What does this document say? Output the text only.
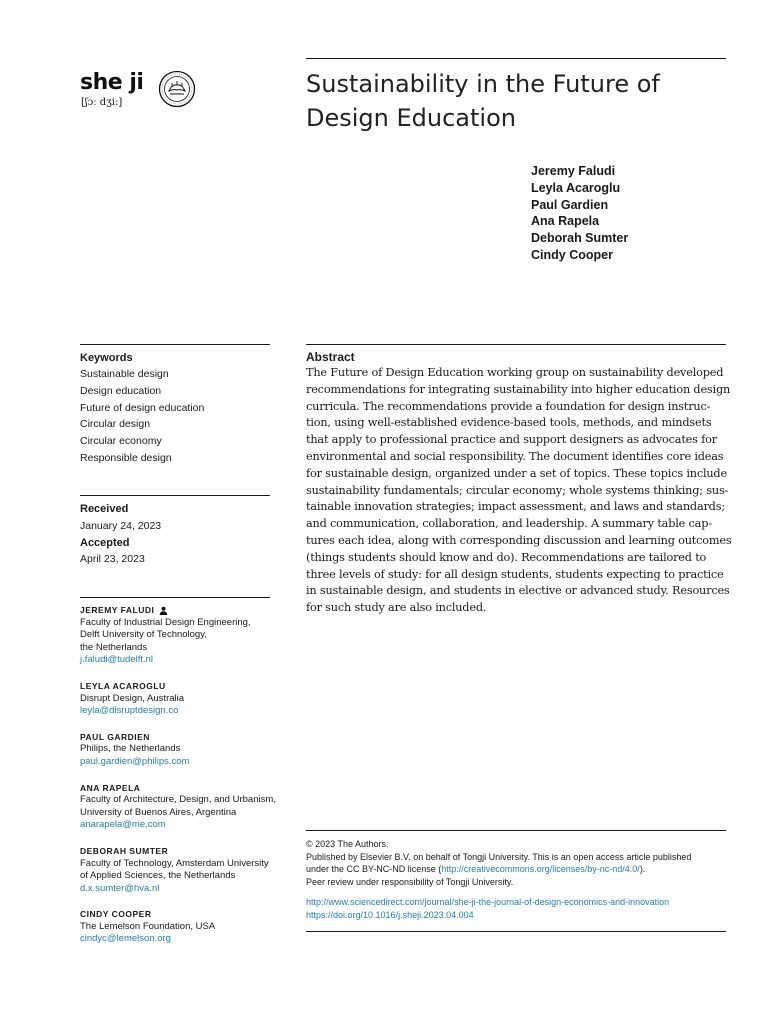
she ji
[ʃɔː dʒiː]
Sustainability in the Future of
Design Education
Jeremy Faludi
Leyla Acaroglu
Paul Gardien
Ana Rapela
Deborah Sumter
Cindy Cooper
Keywords
Sustainable design
Design education
Future of design education
Circular design
Circular economy
Responsible design
Received
January 24, 2023
Accepted
April 23, 2023
JEREMY FALUDI
Faculty of Industrial Design Engineering,
Delft University of Technology,
the Netherlands
j.faludi@tudelft.nl
LEYLA ACAROGLU
Disrupt Design, Australia
leyla@disruptdesign.co
PAUL GARDIEN
Philips, the Netherlands
paul.gardien@philips.com
ANA RAPELA
Faculty of Architecture, Design, and Urbanism,
University of Buenos Aires, Argentina
anarapela@me.com
DEBORAH SUMTER
Faculty of Technology, Amsterdam University
of Applied Sciences, the Netherlands
d.x.sumter@hva.nl
CINDY COOPER
The Lemelson Foundation, USA
cindyc@lemelson.org
Abstract
The Future of Design Education working group on sustainability developed
recommendations for integrating sustainability into higher education design
curricula. The recommendations provide a foundation for design instruc-
tion, using well-established evidence-based tools, methods, and mindsets
that apply to professional practice and support designers as advocates for
environmental and social responsibility. The document identifies core ideas
for sustainable design, organized under a set of topics. These topics include
sustainability fundamentals; circular economy; whole systems thinking; sus-
tainable innovation strategies; impact assessment, and laws and standards;
and communication, collaboration, and leadership. A summary table cap-
tures each idea, along with corresponding discussion and learning outcomes
(things students should know and do). Recommendations are tailored to
three levels of study: for all design students, students expecting to practice
in sustainable design, and students in elective or advanced study. Resources
for such study are also included.
© 2023 The Authors.
Published by Elsevier B.V. on behalf of Tongji University. This is an open access article published
under the CC BY-NC-ND license (http://creativecommons.org/licenses/by-nc-nd/4.0/).
Peer review under responsibility of Tongji University.
http://www.sciencedirect.com/journal/she-ji-the-journal-of-design-economics-and-innovation
https://doi.org/10.1016/j.sheji.2023.04.004
